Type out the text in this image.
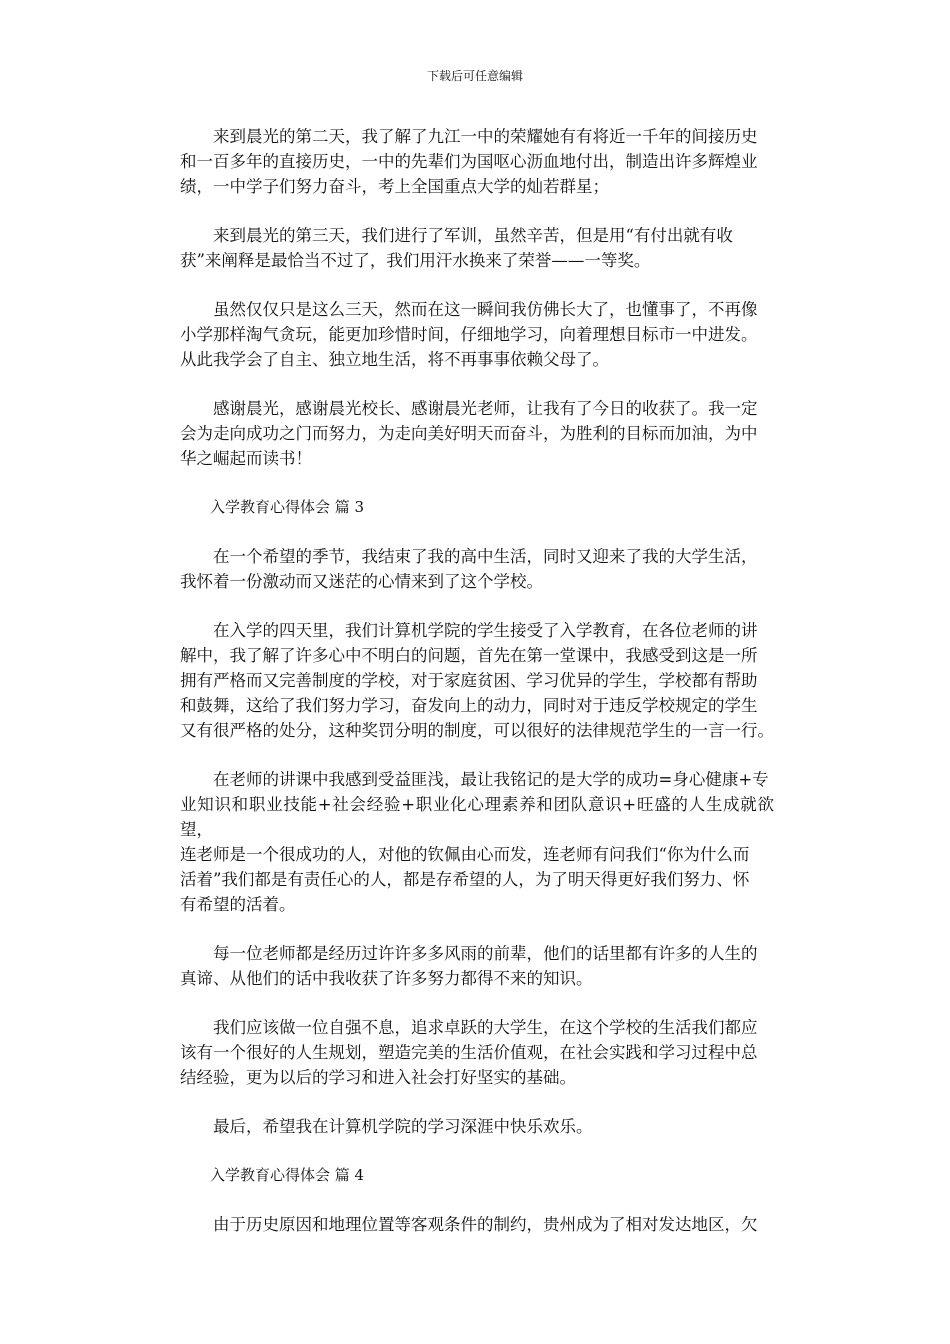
下载后可任意编辑

来到晨光的第二天，我了解了九江一中的荣耀她有有将近一千年的间接历史
和一百多年的直接历史，一中的先辈们为国呕心沥血地付出，制造出许多辉煌业
绩，一中学子们努力奋斗，考上全国重点大学的灿若群星；

来到晨光的第三天，我们进行了军训，虽然辛苦，但是用“有付出就有收
获”来阐释是最恰当不过了，我们用汗水换来了荣誉——一等奖。

虽然仅仅只是这么三天，然而在这一瞬间我仿佛长大了，也懂事了，不再像
小学那样淘气贪玩，能更加珍惜时间，仔细地学习，向着理想目标市一中进发。
从此我学会了自主、独立地生活，将不再事事依赖父母了。

感谢晨光，感谢晨光校长、感谢晨光老师，让我有了今日的收获了。我一定
会为走向成功之门而努力，为走向美好明天而奋斗，为胜利的目标而加油，为中
华之崛起而读书！

入学教育心得体会 篇 3

在一个希望的季节，我结束了我的高中生活，同时又迎来了我的大学生活，
我怀着一份激动而又迷茫的心情来到了这个学校。

在入学的四天里，我们计算机学院的学生接受了入学教育，在各位老师的讲
解中，我了解了许多心中不明白的问题，首先在第一堂课中，我感受到这是一所
拥有严格而又完善制度的学校，对于家庭贫困、学习优异的学生，学校都有帮助
和鼓舞，这给了我们努力学习，奋发向上的动力，同时对于违反学校规定的学生
又有很严格的处分，这种奖罚分明的制度，可以很好的法律规范学生的一言一行。

在老师的讲课中我感到受益匪浅，最让我铭记的是大学的成功=身心健康+专
业知识和职业技能+社会经验+职业化心理素养和团队意识+旺盛的人生成就欲望，
连老师是一个很成功的人，对他的钦佩由心而发，连老师有问我们“你为什么而
活着”我们都是有责任心的人，都是存希望的人，为了明天得更好我们努力、怀
有希望的活着。

每一位老师都是经历过许许多多风雨的前辈，他们的话里都有许多的人生的
真谛、从他们的话中我收获了许多努力都得不来的知识。

我们应该做一位自强不息，追求卓跃的大学生，在这个学校的生活我们都应
该有一个很好的人生规划，塑造完美的生活价值观，在社会实践和学习过程中总
结经验，更为以后的学习和进入社会打好坚实的基础。

最后，希望我在计算机学院的学习深涯中快乐欢乐。

入学教育心得体会 篇 4

由于历史原因和地理位置等客观条件的制约，贵州成为了相对发达地区，欠
